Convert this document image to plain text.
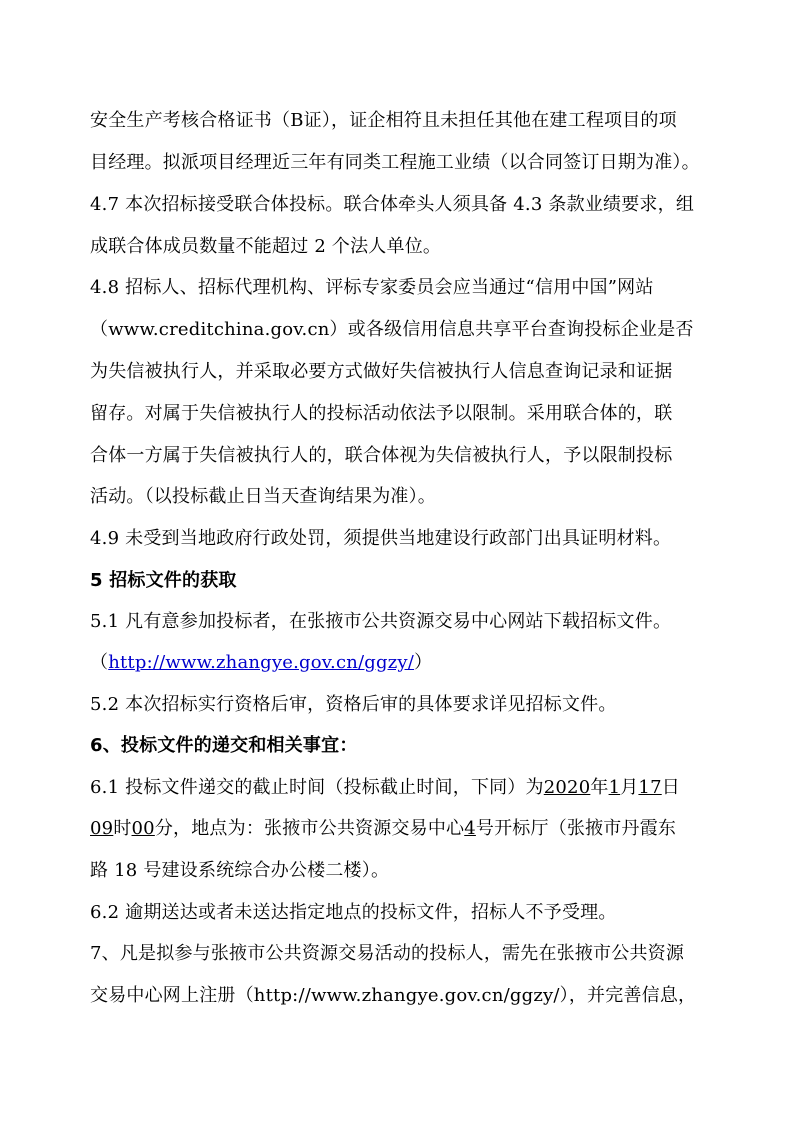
安全生产考核合格证书（B证），证企相符且未担任其他在建工程项目的项
目经理。拟派项目经理近三年有同类工程施工业绩（以合同签订日期为准）。
4.7 本次招标接受联合体投标。联合体牵头人须具备 4.3 条款业绩要求，组
成联合体成员数量不能超过 2 个法人单位。
4.8 招标人、招标代理机构、评标专家委员会应当通过“信用中国”网站
（www.creditchina.gov.cn）或各级信用信息共享平台查询投标企业是否
为失信被执行人，并采取必要方式做好失信被执行人信息查询记录和证据
留存。对属于失信被执行人的投标活动依法予以限制。采用联合体的，联
合体一方属于失信被执行人的，联合体视为失信被执行人，予以限制投标
活动。（以投标截止日当天查询结果为准）。
4.9 未受到当地政府行政处罚，须提供当地建设行政部门出具证明材料。
5 招标文件的获取
5.1 凡有意参加投标者，在张掖市公共资源交易中心网站下载招标文件。
（http://www.zhangye.gov.cn/ggzy/）
5.2 本次招标实行资格后审，资格后审的具体要求详见招标文件。
6、投标文件的递交和相关事宜：
6.1 投标文件递交的截止时间（投标截止时间，下同）为2020年1月17日
09时00分，地点为：张掖市公共资源交易中心4号开标厅（张掖市丹霞东
路 18 号建设系统综合办公楼二楼）。
6.2 逾期送达或者未送达指定地点的投标文件，招标人不予受理。
7、凡是拟参与张掖市公共资源交易活动的投标人，需先在张掖市公共资源
交易中心网上注册（http://www.zhangye.gov.cn/ggzy/），并完善信息，
